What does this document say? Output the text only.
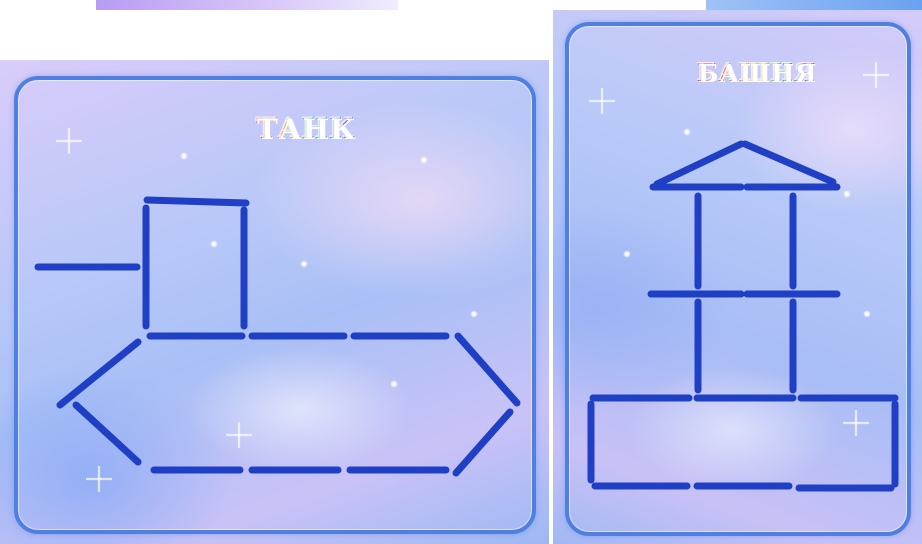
ТАНК
БАШНЯ
